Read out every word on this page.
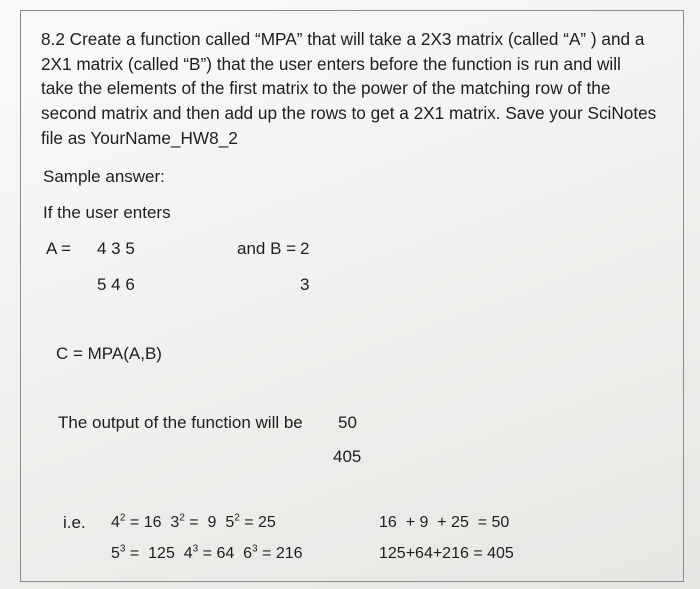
8.2 Create a function called “MPA” that will take a 2X3 matrix (called “A” ) and a
2X1 matrix (called “B”) that the user enters before the function is run and will
take the elements of the first matrix to the power of the matching row of the
second matrix and then add up the rows to get a 2X1 matrix. Save your SciNotes
file as YourName_HW8_2
Sample answer:
If the user enters
A = 4 3 5
5 4 6
and B = 2
3
C = MPA(A,B)
The output of the function will be 50
405
i.e. $4^2 = 16$  $3^2 = 9$  $5^2 = 25$
$5^3 = 125$  $4^3 = 64$  $6^3 = 216$
16  + 9  + 25  = 50
125+64+216 = 405
